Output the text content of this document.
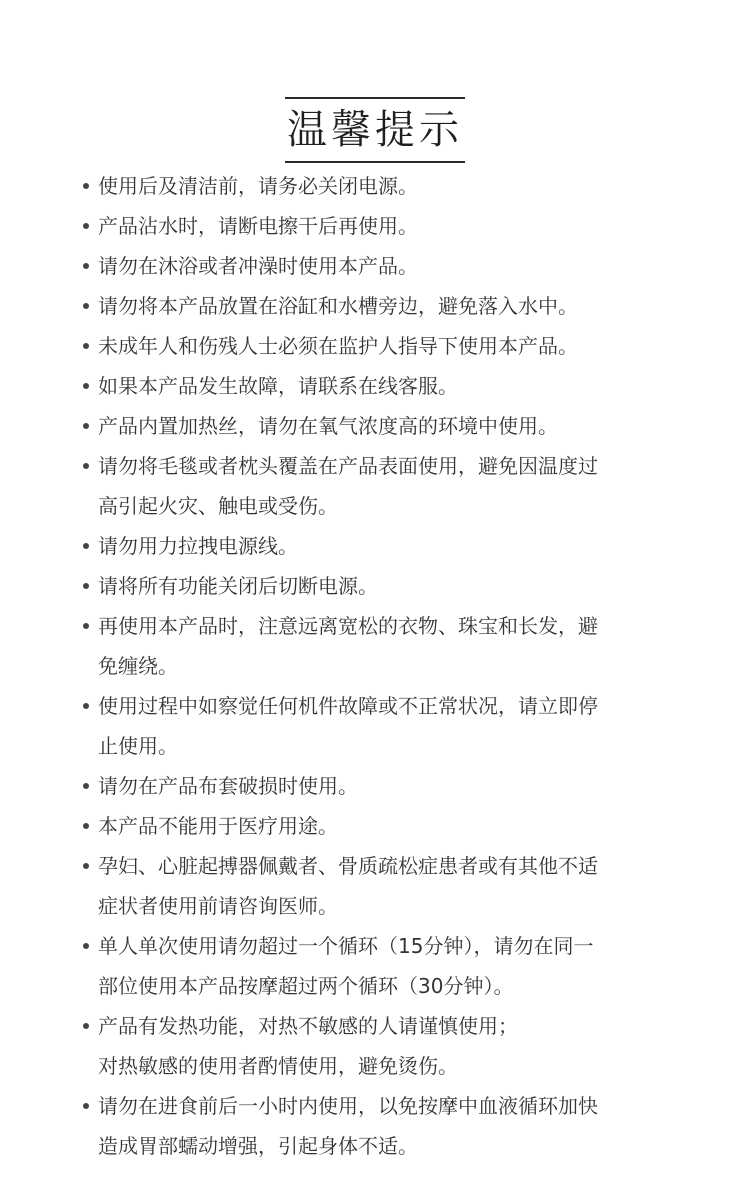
温馨提示
使用后及清洁前，请务必关闭电源。
产品沾水时，请断电擦干后再使用。
请勿在沐浴或者冲澡时使用本产品。
请勿将本产品放置在浴缸和水槽旁边，避免落入水中。
未成年人和伤残人士必须在监护人指导下使用本产品。
如果本产品发生故障，请联系在线客服。
产品内置加热丝，请勿在氧气浓度高的环境中使用。
请勿将毛毯或者枕头覆盖在产品表面使用，避免因温度过
高引起火灾、触电或受伤。
请勿用力拉拽电源线。
请将所有功能关闭后切断电源。
再使用本产品时，注意远离宽松的衣物、珠宝和长发，避
免缠绕。
使用过程中如察觉任何机件故障或不正常状况，请立即停
止使用。
请勿在产品布套破损时使用。
本产品不能用于医疗用途。
孕妇、心脏起搏器佩戴者、骨质疏松症患者或有其他不适
症状者使用前请咨询医师。
单人单次使用请勿超过一个循环（15分钟），请勿在同一
部位使用本产品按摩超过两个循环（30分钟）。
产品有发热功能，对热不敏感的人请谨慎使用；
对热敏感的使用者酌情使用，避免烫伤。
请勿在进食前后一小时内使用，以免按摩中血液循环加快
造成胃部蠕动增强，引起身体不适。
